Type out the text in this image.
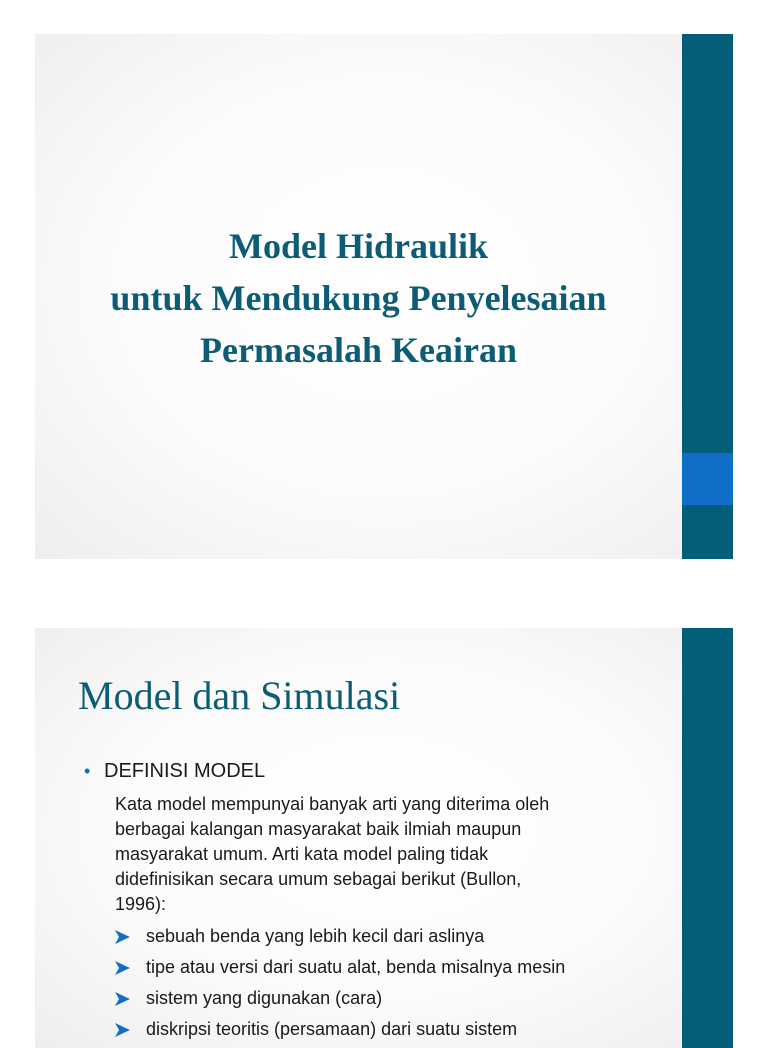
Model Hidraulik
untuk Mendukung Penyelesaian
Permasalah Keairan
Model dan Simulasi
• DEFINISI MODEL
Kata model mempunyai banyak arti yang diterima oleh
berbagai kalangan masyarakat baik ilmiah maupun
masyarakat umum. Arti kata model paling tidak
didefinisikan secara umum sebagai berikut (Bullon,
1996):
sebuah benda yang lebih kecil dari aslinya
tipe atau versi dari suatu alat, benda misalnya mesin
sistem yang digunakan (cara)
diskripsi teoritis (persamaan) dari suatu sistem
